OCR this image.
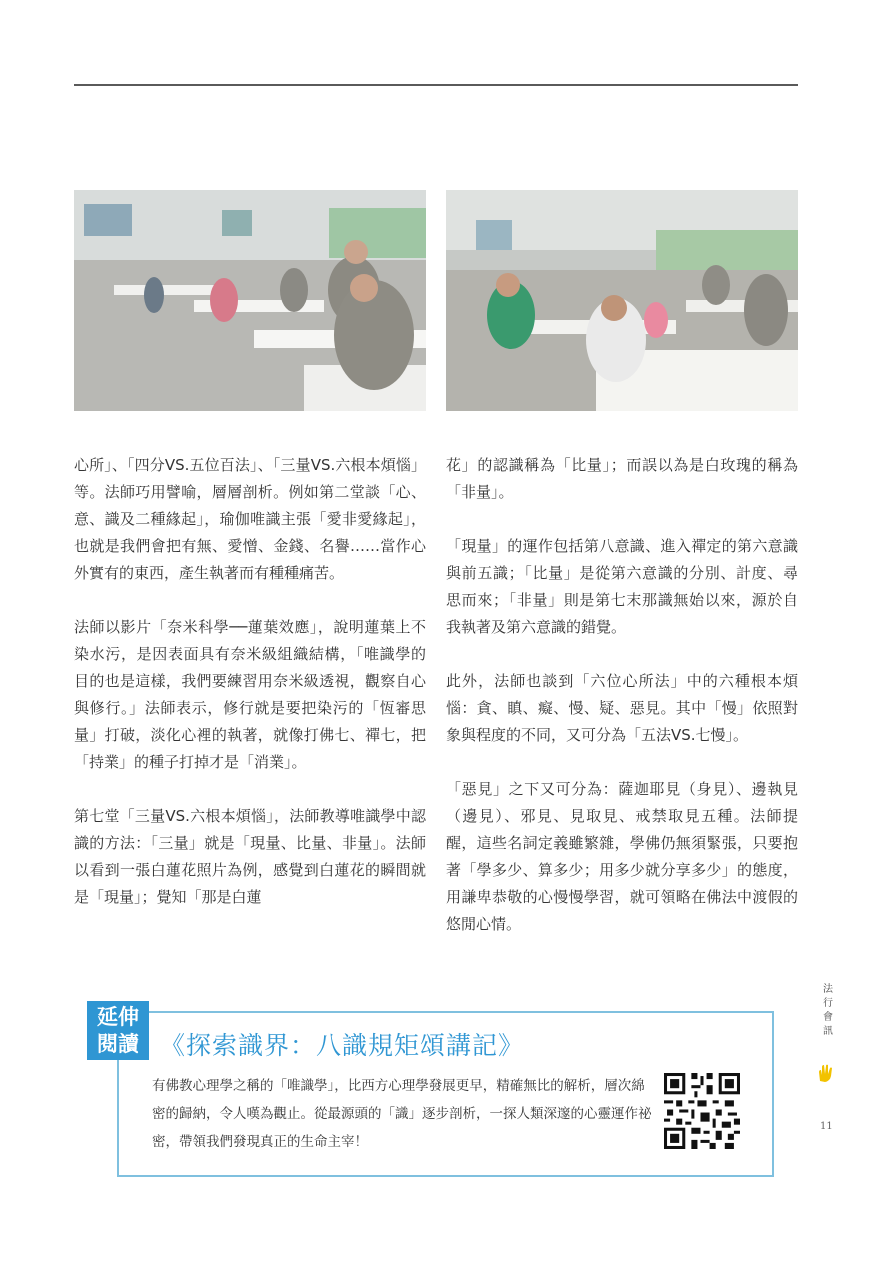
心所」、「四分VS.五位百法」、「三量VS.六根本煩惱」等。法師巧用譬喻，層層剖析。例如第二堂談「心、意、識及二種緣起」，瑜伽唯識主張「愛非愛緣起」，也就是我們會把有無、愛憎、金錢、名譽……當作心外實有的東西，產生執著而有種種痛苦。

法師以影片「奈米科學──蓮葉效應」，說明蓮葉上不染水污，是因表面具有奈米級組織結構，「唯識學的目的也是這樣，我們要練習用奈米級透視，觀察自心與修行。」法師表示，修行就是要把染污的「恆審思量」打破，淡化心裡的執著，就像打佛七、禪七，把「持業」的種子打掉才是「消業」。

第七堂「三量VS.六根本煩惱」，法師教導唯識學中認識的方法：「三量」就是「現量、比量、非量」。法師以看到一張白蓮花照片為例，感覺到白蓮花的瞬間就是「現量」；覺知「那是白蓮

花」的認識稱為「比量」；而誤以為是白玫瑰的稱為「非量」。

「現量」的運作包括第八意識、進入禪定的第六意識與前五識；「比量」是從第六意識的分別、計度、尋思而來；「非量」則是第七末那識無始以來，源於自我執著及第六意識的錯覺。

此外，法師也談到「六位心所法」中的六種根本煩惱：貪、瞋、癡、慢、疑、惡見。其中「慢」依照對象與程度的不同，又可分為「五法VS.七慢」。

「惡見」之下又可分為：薩迦耶見（身見）、邊執見（邊見）、邪見、見取見、戒禁取見五種。法師提醒，這些名詞定義雖繁雜，學佛仍無須緊張，只要抱著「學多少、算多少；用多少就分享多少」的態度，用謙卑恭敬的心慢慢學習，就可領略在佛法中渡假的悠閒心情。

延伸
閱讀 《探索識界：八識規矩頌講記》
有佛教心理學之稱的「唯識學」，比西方心理學發展更早，精確無比的解析，層次綿密的歸納，令人嘆為觀止。從最源頭的「識」逐步剖析，一探人類深邃的心靈運作祕密，帶領我們發現真正的生命主宰！
法
行
會
訊
11
